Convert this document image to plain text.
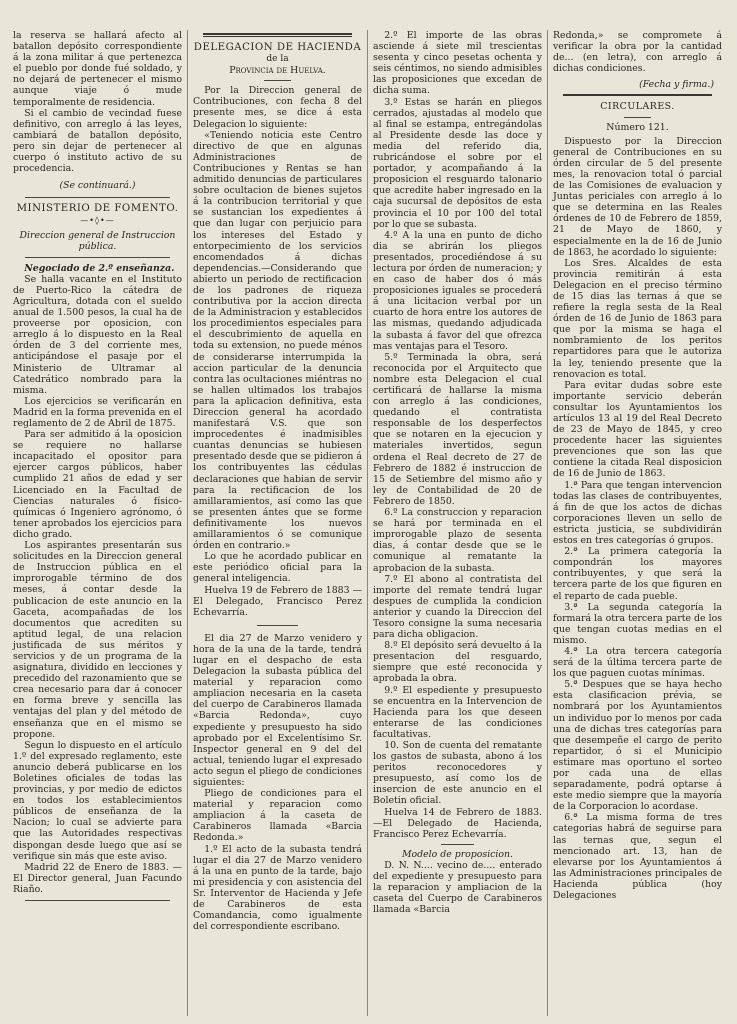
la reserva se hallará afecto al batallon depósito correspondiente á la zona militar á que pertenezca el pueblo por donde fué soldado, y no dejará de pertenecer el mismo aunque viaje ó mude temporalmente de residencia.

Si el cambio de vecindad fuese definitivo, con arreglo á las leyes, cambiará de batallon depósito, pero sin dejar de pertenecer al cuerpo ó instituto activo de su procedencia.

(Se continuará.)
MINISTERIO DE FOMENTO.
—•◊•—

Direccion general de Instruccion pública.

Negociado de 2.º enseñanza.

Se halla vacante en el Instituto de Puerto-Rico la cátedra de Agricultura, dotada con el sueldo anual de 1.500 pesos, la cual ha de proveerse por oposicion, con arreglo á lo dispuesto en la Real órden de 3 del corriente mes, anticipándose el pasaje por el Ministerio de Ultramar al Catedrático nombrado para la misma.

Los ejercicios se verificarán en Madrid en la forma prevenida en el reglamento de 2 de Abril de 1875.

Para ser admitido á la oposicion se requiere no hallarse incapacitado el opositor para ejercer cargos públicos, haber cumplido 21 años de edad y ser Licenciado en la Facultad de Ciencias naturales ó físico-químicas ó Ingeniero agrónomo, ó tener aprobados los ejercicios para dicho grado.

Los aspirantes presentarán sus solicitudes en la Direccion general de Instruccion pública en el improrogable término de dos meses, á contar desde la publicacion de este anuncio en la Gaceta, acompañadas de los documentos que acrediten su aptitud legal, de una relacion justificada de sus méritos y servicios y de un programa de la asignatura, dividido en lecciones y precedido del razonamiento que se crea necesario para dar á conocer en forma breve y sencilla las ventajas del plan y del método de enseñanza que en el mismo se propone.

Segun lo dispuesto en el artículo 1.º del expresado reglamento, este anuncio deberá publicarse en los Boletines oficiales de todas las provincias, y por medio de edictos en todos los establecimientos públicos de enseñanza de la Nacion; lo cual se advierte para que las Autoridades respectivas dispongan desde luego que así se verifique sin más que este aviso.

Madrid 22 de Enero de 1883. —El Director general, Juan Facundo Riaño.

DELEGACION DE HACIENDA
de la
Provincia de Huelva.

Por la Direccion general de Contribuciones, con fecha 8 del presente mes, se dice á esta Delegacion lo siguiente:

«Teniendo noticia este Centro directivo de que en algunas Administraciones de Contribuciones y Rentas se han admitido denuncias de particulares sobre ocultacion de bienes sujetos á la contribucion territorial y que se sustancian los expedientes á que dan lugar con perjuicio para los intereses del Estado y entorpecimiento de los servicios encomendados á dichas dependencias.—Considerando que abierto un periodo de rectificacion de los padrones de riqueza contributiva por la accion directa de la Administracion y establecidos los procedimientos especiales para el descubrimiento de aquella en toda su extension, no puede ménos de considerarse interrumpida la accion particular de la denuncia contra las ocultaciones miéntras no se hallen ultimados los trabajos para la aplicacion definitiva, esta Direccion general ha acordado manifestará V.S. que son improcedentes é inadmisibles cuantas denuncias se hubiesen presentado desde que se pidieron á los contribuyentes las cédulas declaraciones que habian de servir para la rectificacion de los amillaramientos, así como las que se presenten ántes que se forme definitivamente los nuevos amillaramientos ó se comunique órden en contrario.»

Lo que he acordado publicar en este periódico oficial para la general inteligencia.

Huelva 19 de Febrero de 1883 —El Delegado, Francisco Perez Echevarría.

El dia 27 de Marzo venidero y hora de la una de la tarde, tendrá lugar en el despacho de esta Delegacion la subasta pública del material y reparacion como ampliacion necesaria en la caseta del cuerpo de Carabineros llamada «Barcia Redonda», cuyo expediente y presupuesto ha sido aprobado por el Excelentísimo Sr. Inspector general en 9 del del actual, teniendo lugar el expresado acto segun el pliego de condiciones siguientes:

Pliego de condiciones para el material y reparacion como ampliacion á la caseta de Carabineros llamada «Barcia Redonda.»

1.º El acto de la subasta tendrá lugar el dia 27 de Marzo venidero á la una en punto de la tarde, bajo mi presidencia y con asistencia del Sr. Interventor de Hacienda y Jefe de Carabineros de esta Comandancia, como igualmente del correspondiente escribano.

2.º El importe de las obras asciende á siete mil trescientas sesenta y cinco pesetas ochenta y seis céntimos, no siendo admisibles las proposiciones que excedan de dicha suma.

3.º Estas se harán en pliegos cerrados, ajustadas al modelo que al final se estampa, entregándolas al Presidente desde las doce y media del referido dia, rubricándose el sobre por el portador, y acompañando á la proposicion el resguardo talonario que acredite haber ingresado en la caja sucursal de depósitos de esta provincia el 10 por 100 del total por lo que se subasta.

4.º A la una en punto de dicho dia se abrirán los pliegos presentados, procediéndose á su lectura por órden de numeracion; y en caso de haber dos ó más proposiciones iguales se procederá á una licitacion verbal por un cuarto de hora entre los autores de las mismas, quedando adjudicada la subasta á favor del que ofrezca mas ventajas para el Tesoro.

5.º Terminada la obra, será reconocida por el Arquitecto que nombre esta Delegacion el cual certificará de hallarse la misma con arreglo á las condiciones, quedando el contratista responsable de los desperfectos que se notaren en la ejecucion y materiales invertidos, segun ordena el Real decreto de 27 de Febrero de 1882 é instruccion de 15 de Setiembre del mismo año y ley de Contabilidad de 20 de Febrero de 1850.

6.º La construccion y reparacion se hará por terminada en el improrogable plazo de sesenta dias, á contar desde que se le comunique al rematante la aprobacion de la subasta.

7.º El abono al contratista del importe del remate tendrá lugar despues de cumplida la condicion anterior y cuando la Direccion del Tesoro consigne la suma necesaria para dicha obligacion.

8.º El depósito será devuelto á la presentacion del resguardo, siempre que esté reconocida y aprobada la obra.

9.º El espediente y presupuesto se encuentra en la Intervencion de Hacienda para los que deseen enterarse de las condiciones facultativas.

10. Son de cuenta del rematante los gastos de subasta, abono á los peritos reconocedores y presupuesto, así como los de insercion de este anuncio en el Boletin oficial.

Huelva 14 de Febrero de 1883. —El Delegado de Hacienda, Francisco Perez Echevarría.

Modelo de proposicion.

D. N. N.... vecino de.... enterado del expediente y presupuesto para la reparacion y ampliacion de la caseta del Cuerpo de Carabineros llamada «Barcia

Redonda,» se compromete á verificar la obra por la cantidad de... (en letra), con arreglo á dichas condiciones.

(Fecha y firma.)
CIRCULARES.
Número 121.

Dispuesto por la Direccion general de Contribuciones en su órden circular de 5 del presente mes, la renovacion total ó parcial de las Comisiones de evaluacion y Juntas periciales con arreglo á lo que se determina en las Reales órdenes de 10 de Febrero de 1859, 21 de Mayo de 1860, y especialmente en la de 16 de Junio de 1863, he acordado lo siguiente:

Los Sres. Alcaldes de esta provincia remitirán á esta Delegacion en el preciso término de 15 dias las ternas á que se refiere la regla sesta de la Real órden de 16 de Junio de 1863 para que por la misma se haga el nombramiento de los peritos repartidores para que le autoriza la ley, teniendo presente que la renovacion es total.

Para evitar dudas sobre este importante servicio deberán consultar los Ayuntamientos los artículos 13 al 19 del Real Decreto de 23 de Mayo de 1845, y creo procedente hacer las siguientes prevenciones que son las que contiene la citada Real disposicion de 16 de Junio de 1863.

1.ª Para que tengan intervencion todas las clases de contribuyentes, á fin de que los actos de dichas corporaciones lleven un sello de estricta justicia, se subdividirán estos en tres categorías ó grupos.

2.ª La primera categoría la compondrán los mayores contribuyentes, y que será la tercera parte de los que figuren en el reparto de cada pueble.

3.ª La segunda categoría la formará la otra tercera parte de los que tengan cuotas medias en el mismo.

4.ª La otra tercera categoría será de la última tercera parte de los que paguen cuotas mínimas.

5.ª Despues que se haya hecho esta clasificacion prévia, se nombrará por los Ayuntamientos un individuo por lo menos por cada una de dichas tres categorías para que desempeñe el cargo de perito repartidor, ó si el Municipio estimare mas oportuno el sorteo por cada una de ellas separadamente, podrá optarse á este medio siempre que la mayoría de la Corporacion lo acordase.

6.ª La misma forma de tres categorias habrá de seguirse para las ternas que, segun el mencionado art. 13, han de elevarse por los Ayuntamientos á las Administraciones principales de Hacienda pública (hoy Delegaciones
